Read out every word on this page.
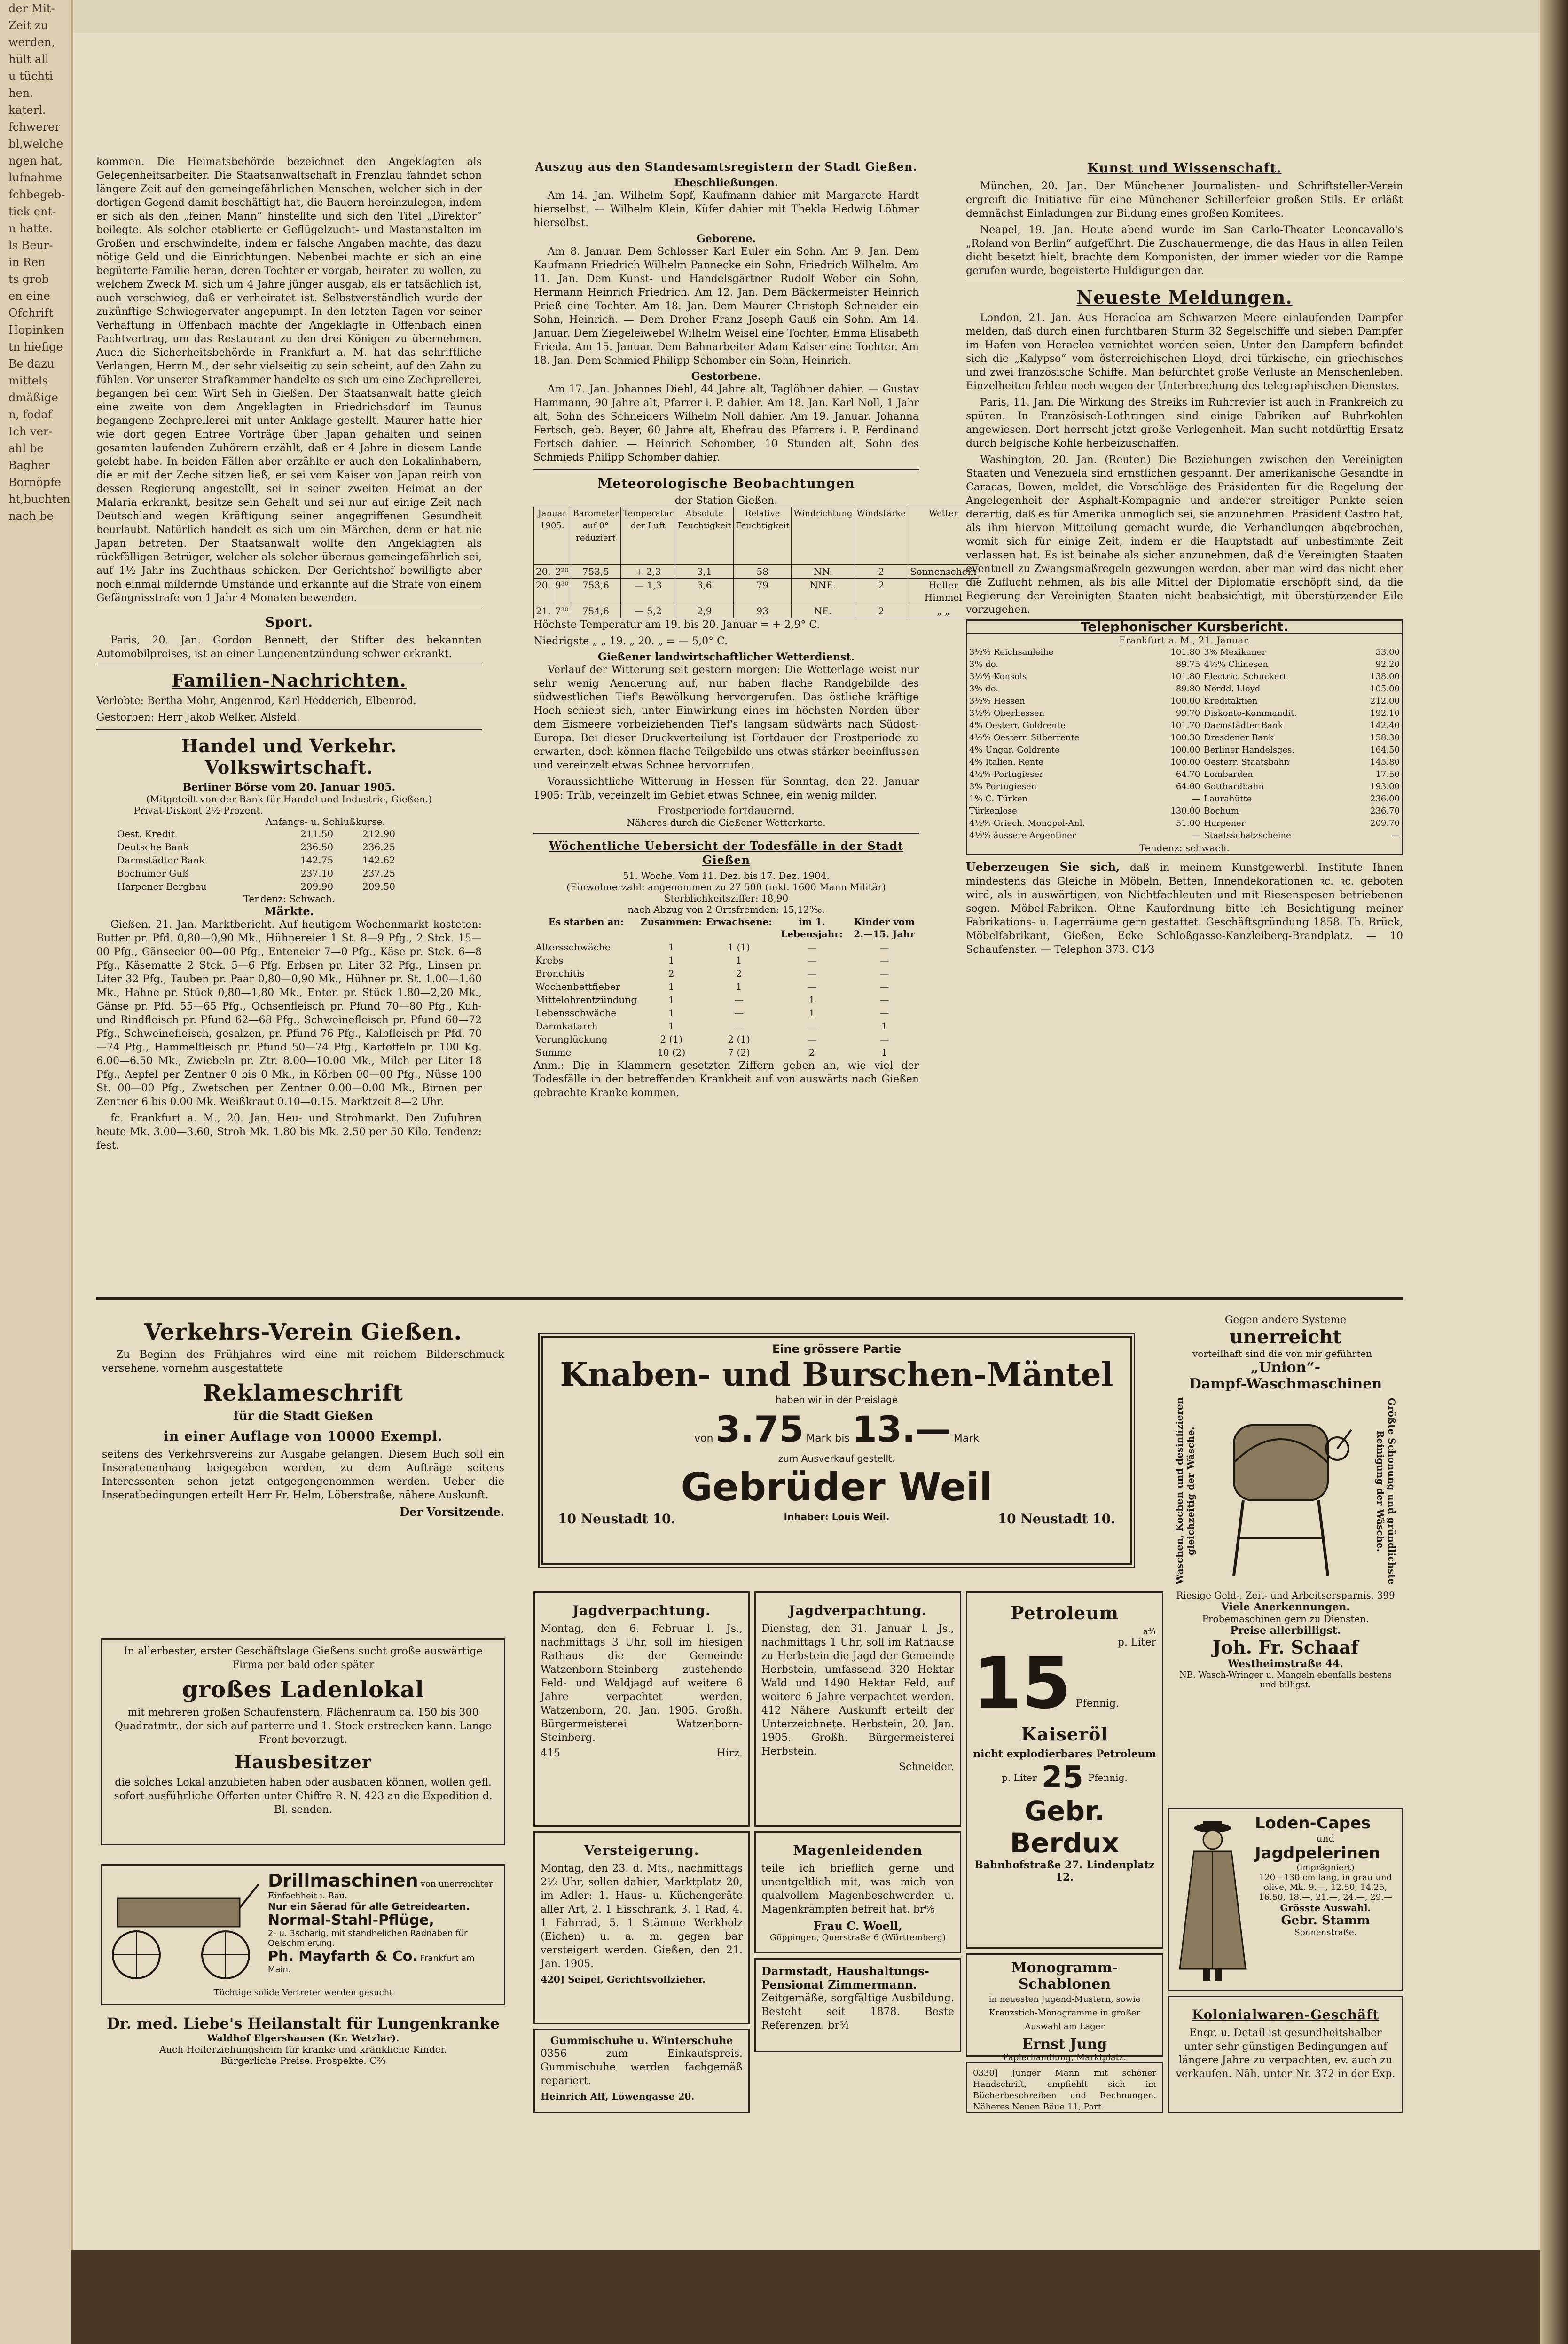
der Mit-
Zeit zu
werden,
hült all
u tüchti
hen.
katerl.
fchwerer
bl,welche
ngen hat,
lufnahme
fchbegeb-
tiek ent-
n hatte.
ls Beur-
in Ren
ts grob
en eine
Ofchrift
Hopinken
tn hiefige
Be dazu
mittels
dmäßige
n, fodaf
Ich ver-
ahl be
Bagher
Bornöpfe
ht,buchten
nach be

kommen. Die Heimatsbehörde bezeichnet den Angeklagten als Gelegenheitsarbeiter. Die Staatsanwaltschaft in Frenzlau fahndet schon längere Zeit auf den gemeingefährlichen Menschen, welcher sich in der dortigen Gegend damit beschäftigt hat, die Bauern hereinzulegen, indem er sich als den „feinen Mann“ hinstellte und sich den Titel „Direktor“ beilegte. Als solcher etablierte er Geflügelzucht- und Mastanstalten im Großen und erschwindelte, indem er falsche Angaben machte, das dazu nötige Geld und die Einrichtungen. Nebenbei machte er sich an eine begüterte Familie heran, deren Tochter er vorgab, heiraten zu wollen, zu welchem Zweck M. sich um 4 Jahre jünger ausgab, als er tatsächlich ist, auch verschwieg, daß er verheiratet ist. Selbstverständlich wurde der zukünftige Schwiegervater angepumpt. In den letzten Tagen vor seiner Verhaftung in Offenbach machte der Angeklagte in Offenbach einen Pachtvertrag, um das Restaurant zu den drei Königen zu übernehmen. Auch die Sicherheitsbehörde in Frankfurt a. M. hat das schriftliche Verlangen, Herrn M., der sehr vielseitig zu sein scheint, auf den Zahn zu fühlen. Vor unserer Strafkammer handelte es sich um eine Zechprellerei, begangen bei dem Wirt Seh in Gießen. Der Staatsanwalt hatte gleich eine zweite von dem Angeklagten in Friedrichsdorf im Taunus begangene Zechprellerei mit unter Anklage gestellt. Maurer hatte hier wie dort gegen Entree Vorträge über Japan gehalten und seinen gesamten laufenden Zuhörern erzählt, daß er 4 Jahre in diesem Lande gelebt habe. In beiden Fällen aber erzählte er auch den Lokalinhabern, die er mit der Zeche sitzen ließ, er sei vom Kaiser von Japan reich von dessen Regierung angestellt, sei in seiner zweiten Heimat an der Malaria erkrankt, besitze sein Gehalt und sei nur auf einige Zeit nach Deutschland wegen Kräftigung seiner angegriffenen Gesundheit beurlaubt. Natürlich handelt es sich um ein Märchen, denn er hat nie Japan betreten. Der Staatsanwalt wollte den Angeklagten als rückfälligen Betrüger, welcher als solcher überaus gemeingefährlich sei, auf 1½ Jahr ins Zuchthaus schicken. Der Gerichtshof bewilligte aber noch einmal mildernde Umstände und erkannte auf die Strafe von einem Gefängnisstrafe von 1 Jahr 4 Monaten bewenden.

Sport.

Paris, 20. Jan. Gordon Bennett, der Stifter des bekannten Automobilpreises, ist an einer Lungenentzündung schwer erkrankt.

Familien-Nachrichten.

Verlobte: Bertha Mohr, Angenrod, Karl Hedderich, Elbenrod.

Gestorben: Herr Jakob Welker, Alsfeld.

Handel und Verkehr. Volkswirtschaft.
Berliner Börse vom 20. Januar 1905.
(Mitgeteilt von der Bank für Handel und Industrie, Gießen.)
Privat-Diskont 2½ Prozent.
Anfangs- u. Schlußkurse.
Oest. Kredit	211.50	212.90
Deutsche Bank	236.50	236.25
Darmstädter Bank	142.75	142.62
Bochumer Guß	237.10	237.25
Harpener Bergbau	209.90	209.50
Tendenz: Schwach.
Märkte.

Gießen, 21. Jan. Marktbericht. Auf heutigem Wochenmarkt kosteten: Butter pr. Pfd. 0,80—0,90 Mk., Hühnereier 1 St. 8—9 Pfg., 2 Stck. 15—00 Pfg., Gänseeier 00—00 Pfg., Enteneier 7—0 Pfg., Käse pr. Stck. 6—8 Pfg., Käsematte 2 Stck. 5—6 Pfg. Erbsen pr. Liter 32 Pfg., Linsen pr. Liter 32 Pfg., Tauben pr. Paar 0,80—0,90 Mk., Hühner pr. St. 1.00—1.60 Mk., Hahne pr. Stück 0,80—1,80 Mk., Enten pr. Stück 1.80—2,20 Mk., Gänse pr. Pfd. 55—65 Pfg., Ochsenfleisch pr. Pfund 70—80 Pfg., Kuh- und Rindfleisch pr. Pfund 62—68 Pfg., Schweinefleisch pr. Pfund 60—72 Pfg., Schweinefleisch, gesalzen, pr. Pfund 76 Pfg., Kalbfleisch pr. Pfd. 70—74 Pfg., Hammelfleisch pr. Pfund 50—74 Pfg., Kartoffeln pr. 100 Kg. 6.00—6.50 Mk., Zwiebeln pr. Ztr. 8.00—10.00 Mk., Milch per Liter 18 Pfg., Aepfel per Zentner 0 bis 0 Mk., in Körben 00—00 Pfg., Nüsse 100 St. 00—00 Pfg., Zwetschen per Zentner 0.00—0.00 Mk., Birnen per Zentner 6 bis 0.00 Mk. Weißkraut 0.10—0.15. Marktzeit 8—2 Uhr.

fc. Frankfurt a. M., 20. Jan. Heu- und Strohmarkt. Den Zufuhren heute Mk. 3.00—3.60, Stroh Mk. 1.80 bis Mk. 2.50 per 50 Kilo. Tendenz: fest.

Auszug aus den Standesamtsregistern der Stadt Gießen.
Eheschließungen.

Am 14. Jan. Wilhelm Sopf, Kaufmann dahier mit Margarete Hardt hierselbst. — Wilhelm Klein, Küfer dahier mit Thekla Hedwig Löhmer hierselbst.

Geborene.

Am 8. Januar. Dem Schlosser Karl Euler ein Sohn. Am 9. Jan. Dem Kaufmann Friedrich Wilhelm Pannecke ein Sohn, Friedrich Wilhelm. Am 11. Jan. Dem Kunst- und Handelsgärtner Rudolf Weber ein Sohn, Hermann Heinrich Friedrich. Am 12. Jan. Dem Bäckermeister Heinrich Prieß eine Tochter. Am 18. Jan. Dem Maurer Christoph Schneider ein Sohn, Heinrich. — Dem Dreher Franz Joseph Gauß ein Sohn. Am 14. Januar. Dem Ziegeleiwebel Wilhelm Weisel eine Tochter, Emma Elisabeth Frieda. Am 15. Januar. Dem Bahnarbeiter Adam Kaiser eine Tochter. Am 18. Jan. Dem Schmied Philipp Schomber ein Sohn, Heinrich.

Gestorbene.

Am 17. Jan. Johannes Diehl, 44 Jahre alt, Taglöhner dahier. — Gustav Hammann, 90 Jahre alt, Pfarrer i. P. dahier. Am 18. Jan. Karl Noll, 1 Jahr alt, Sohn des Schneiders Wilhelm Noll dahier. Am 19. Januar. Johanna Fertsch, geb. Beyer, 60 Jahre alt, Ehefrau des Pfarrers i. P. Ferdinand Fertsch dahier. — Heinrich Schomber, 10 Stunden alt, Sohn des Schmieds Philipp Schomber dahier.

Meteorologische Beobachtungen
der Station Gießen.
Januar 1905.		Barometer auf 0° reduziert	Temperatur der Luft	Absolute Feuchtigkeit	Relative Feuchtigkeit	Windrichtung	Windstärke	Wetter
20.	2²⁰	753,5	+ 2,3	3,1	58	NN.	2	Sonnenschein
20.	9³⁰	753,6	— 1,3	3,6	79	NNE.	2	Heller Himmel
21.	7³⁰	754,6	— 5,2	2,9	93	NE.	2	„ „

Höchste Temperatur am 19. bis 20. Januar = + 2,9° C.

Niedrigste „ „ 19. „ 20. „ = — 5,0° C.

Gießener landwirtschaftlicher Wetterdienst.

Verlauf der Witterung seit gestern morgen: Die Wetterlage weist nur sehr wenig Aenderung auf, nur haben flache Randgebilde des südwestlichen Tief's Bewölkung hervorgerufen. Das östliche kräftige Hoch schiebt sich, unter Einwirkung eines im höchsten Norden über dem Eismeere vorbeiziehenden Tief's langsam südwärts nach Südost-Europa. Bei dieser Druckverteilung ist Fortdauer der Frostperiode zu erwarten, doch können flache Teilgebilde uns etwas stärker beeinflussen und vereinzelt etwas Schnee hervorrufen.

Voraussichtliche Witterung in Hessen für Sonntag, den 22. Januar 1905: Trüb, vereinzelt im Gebiet etwas Schnee, ein wenig milder.

Frostperiode fortdauernd.
Näheres durch die Gießener Wetterkarte.
Wöchentliche Uebersicht der Todesfälle in der Stadt Gießen
51. Woche. Vom 11. Dez. bis 17. Dez. 1904.
(Einwohnerzahl: angenommen zu 27 500 (inkl. 1600 Mann Militär)
Sterblichkeitsziffer: 18,90
nach Abzug von 2 Ortsfremden: 15,12‰.
Es starben an:	Zusammen:	Erwachsene:	im 1. Lebensjahr:	Kinder vom 2.—15. Jahr
Altersschwäche	1	1 (1)	—	—
Krebs	1	1	—	—
Bronchitis	2	2	—	—
Wochenbettfieber	1	1	—	—
Mittelohrentzündung	1	—	1	—
Lebensschwäche	1	—	1	—
Darmkatarrh	1	—	—	1
Verunglückung	2 (1)	2 (1)	—	—
Summe	10 (2)	7 (2)	2	1

Anm.: Die in Klammern gesetzten Ziffern geben an, wie viel der Todesfälle in der betreffenden Krankheit auf von auswärts nach Gießen gebrachte Kranke kommen.

Kunst und Wissenschaft.

München, 20. Jan. Der Münchener Journalisten- und Schriftsteller-Verein ergreift die Initiative für eine Münchener Schillerfeier großen Stils. Er erläßt demnächst Einladungen zur Bildung eines großen Komitees.

Neapel, 19. Jan. Heute abend wurde im San Carlo-Theater Leoncavallo's „Roland von Berlin“ aufgeführt. Die Zuschauermenge, die das Haus in allen Teilen dicht besetzt hielt, brachte dem Komponisten, der immer wieder vor die Rampe gerufen wurde, begeisterte Huldigungen dar.

Neueste Meldungen.

London, 21. Jan. Aus Heraclea am Schwarzen Meere einlaufenden Dampfer melden, daß durch einen furchtbaren Sturm 32 Segelschiffe und sieben Dampfer im Hafen von Heraclea vernichtet worden seien. Unter den Dampfern befindet sich die „Kalypso“ vom österreichischen Lloyd, drei türkische, ein griechisches und zwei französische Schiffe. Man befürchtet große Verluste an Menschenleben. Einzelheiten fehlen noch wegen der Unterbrechung des telegraphischen Dienstes.

Paris, 11. Jan. Die Wirkung des Streiks im Ruhrrevier ist auch in Frankreich zu spüren. In Französisch-Lothringen sind einige Fabriken auf Ruhrkohlen angewiesen. Dort herrscht jetzt große Verlegenheit. Man sucht notdürftig Ersatz durch belgische Kohle herbeizuschaffen.

Washington, 20. Jan. (Reuter.) Die Beziehungen zwischen den Vereinigten Staaten und Venezuela sind ernstlichen gespannt. Der amerikanische Gesandte in Caracas, Bowen, meldet, die Vorschläge des Präsidenten für die Regelung der Angelegenheit der Asphalt-Kompagnie und anderer streitiger Punkte seien derartig, daß es für Amerika unmöglich sei, sie anzunehmen. Präsident Castro hat, als ihm hiervon Mitteilung gemacht wurde, die Verhandlungen abgebrochen, womit sich für einige Zeit, indem er die Hauptstadt auf unbestimmte Zeit verlassen hat. Es ist beinahe als sicher anzunehmen, daß die Vereinigten Staaten eventuell zu Zwangsmaßregeln gezwungen werden, aber man wird das nicht eher die Zuflucht nehmen, als bis alle Mittel der Diplomatie erschöpft sind, da die Regierung der Vereinigten Staaten nicht beabsichtigt, mit überstürzender Eile vorzugehen.

Telephonischer Kursbericht.			
Frankfurt a. M., 21. Januar.			
3½% Reichsanleihe	101.80	3% Mexikaner	53.00
3% do.	89.75	4½% Chinesen	92.20
3½% Konsols	101.80	Electric. Schuckert	138.00
3% do.	89.80	Nordd. Lloyd	105.00
3½% Hessen	100.00	Kreditaktien	212.00
3½% Oberhessen	99.70	Diskonto-Kommandit.	192.10
4% Oesterr. Goldrente	101.70	Darmstädter Bank	142.40
4½% Oesterr. Silberrente	100.30	Dresdener Bank	158.30
4% Ungar. Goldrente	100.00	Berliner Handelsges.	164.50
4% Italien. Rente	100.00	Oesterr. Staatsbahn	145.80
4½% Portugieser	64.70	Lombarden	17.50
3% Portugiesen	64.00	Gotthardbahn	193.00
1% C. Türken	—	Laurahütte	236.00
Türkenlose	130.00	Bochum	236.70
4½% Griech. Monopol-Anl.	51.00	Harpener	209.70
4½% äussere Argentiner	—	Staatsschatzscheine	—
Tendenz: schwach.			

Ueberzeugen Sie sich, daß in meinem Kunstgewerbl. Institute Ihnen mindestens das Gleiche in Möbeln, Betten, Innendekorationen ꝛc. ꝛc. geboten wird, als in auswärtigen, von Nichtfachleuten und mit Riesenspesen betriebenen sogen. Möbel-Fabriken. Ohne Kaufordnung bitte ich Besichtigung meiner Fabrikations- u. Lagerräume gern gestattet. Geschäftsgründung 1858. Th. Brück, Möbelfabrikant, Gießen, Ecke Schloßgasse-Kanzleiberg-Brandplatz. — 10 Schaufenster. — Telephon 373. C1⁄3

Verkehrs-Verein Gießen.

Zu Beginn des Frühjahres wird eine mit reichem Bilderschmuck versehene, vornehm ausgestattete

Reklameschrift
für die Stadt Gießen
in einer Auflage von 10000 Exempl.

seitens des Verkehrsvereins zur Ausgabe gelangen. Diesem Buch soll ein Inseratenanhang beigegeben werden, zu dem Aufträge seitens Interessenten schon jetzt entgegengenommen werden. Ueber die Inseratbedingungen erteilt Herr Fr. Helm, Löberstraße, nähere Auskunft.

Der Vorsitzende.
Eine grössere Partie
Knaben- und Burschen-Mäntel
haben wir in der Preislage
von 3.75 Mark bis 13.— Mark
zum Ausverkauf gestellt.
Gebrüder Weil
10 Neustadt 10.	Inhaber: Louis Weil.	10 Neustadt 10.
Gegen andere Systeme
unerreicht
vorteilhaft sind die von mir geführten
„Union“-
Dampf-Waschmaschinen
Waschen, Kochen und desinfizieren gleichzeitig der Wäsche.	Größte Schonung und gründlichste Reinigung der Wäsche.
Riesige Geld-, Zeit- und Arbeitsersparnis. 399
Viele Anerkennungen.
Probemaschinen gern zu Diensten.
Preise allerbilligst.
Joh. Fr. Schaaf
Westheimstraße 44.
NB. Wasch-Wringer u. Mangeln ebenfalls bestens und billigst.

In allerbester, erster Geschäftslage Gießens sucht große auswärtige Firma per bald oder später

großes Ladenlokal

mit mehreren großen Schaufenstern, Flächenraum ca. 150 bis 300 Quadratmtr., der sich auf parterre und 1. Stock erstrecken kann. Lange Front bevorzugt.

Hausbesitzer

die solches Lokal anzubieten haben oder ausbauen können, wollen gefl. sofort ausführliche Offerten unter Chiffre R. N. 423 an die Expedition d. Bl. senden.

Drillmaschinen von unerreichter Einfachheit i. Bau.
Nur ein Säerad für alle Getreidearten.
Normal-Stahl-Pflüge,
2- u. 3scharig, mit standhelichen Radnaben für Oelschmierung.
Ph. Mayfarth & Co. Frankfurt am Main.
Tüchtige solide Vertreter werden gesucht
Dr. med. Liebe's Heilanstalt für Lungenkranke
Waldhof Elgershausen (Kr. Wetzlar).
Auch Heilerziehungsheim für kranke und kränkliche Kinder.
Bürgerliche Preise. Prospekte. C²⁄₃
Jagdverpachtung.

Montag, den 6. Februar l. Js., nachmittags 3 Uhr, soll im hiesigen Rathaus die der Gemeinde Watzenborn-Steinberg zustehende Feld- und Waldjagd auf weitere 6 Jahre verpachtet werden. Watzenborn, 20. Jan. 1905. Großh. Bürgermeisterei Watzenborn-Steinberg.

415	Hirz.
Jagdverpachtung.

Dienstag, den 31. Januar l. Js., nachmittags 1 Uhr, soll im Rathause zu Herbstein die Jagd der Gemeinde Herbstein, umfassend 320 Hektar Wald und 1490 Hektar Feld, auf weitere 6 Jahre verpachtet werden. 412 Nähere Auskunft erteilt der Unterzeichnete. Herbstein, 20. Jan. 1905. Großh. Bürgermeisterei Herbstein.

Schneider.
Versteigerung.

Montag, den 23. d. Mts., nachmittags 2½ Uhr, sollen dahier, Marktplatz 20, im Adler: 1. Haus- u. Küchengeräte aller Art, 2. 1 Eisschrank, 3. 1 Rad, 4. 1 Fahrrad, 5. 1 Stämme Werkholz (Eichen) u. a. m. gegen bar versteigert werden. Gießen, den 21. Jan. 1905.

420] Seipel, Gerichtsvollzieher.
Gummischuhe u. Winterschuhe

0356 zum Einkaufspreis. Gummischuhe werden fachgemäß repariert.

Heinrich Aff, Löwengasse 20.
Magenleidenden

teile ich brieflich gerne und unentgeltlich mit, was mich von qualvollem Magenbeschwerden u. Magenkrämpfen befreit hat. br⁶⁄₅

Frau C. Woell,
Göppingen, Querstraße 6 (Württemberg)
Darmstadt, Haushaltungs-Pensionat Zimmermann.

Zeitgemäße, sorgfältige Ausbildung. Besteht seit 1878. Beste Referenzen. br⁵⁄₁

Petroleum
a⁴⁄₁
p. Liter
15 Pfennig.
Kaiseröl
nicht explodierbares Petroleum
p. Liter 25 Pfennig.
Gebr. Berdux
Bahnhofstraße 27. Lindenplatz 12.
Monogramm-Schablonen

in neuesten Jugend-Mustern, sowie Kreuzstich-Monogramme in großer Auswahl am Lager

Ernst Jung
Papierhandlung, Marktplatz.

0330] Junger Mann mit schöner Handschrift, empfiehlt sich im Bücherbeschreiben und Rechnungen. Näheres Neuen Bäue 11, Part.

Loden-Capes
und
Jagdpelerinen
(imprägniert)
120—130 cm lang, in grau und olive, Mk. 9.—, 12.50, 14.25, 16.50, 18.—, 21.—, 24.—, 29.—
Grösste Auswahl.
Gebr. Stamm
Sonnenstraße.
Kolonialwaren-Geschäft

Engr. u. Detail ist gesundheitshalber unter sehr günstigen Bedingungen auf längere Jahre zu verpachten, ev. auch zu verkaufen. Näh. unter Nr. 372 in der Exp.
